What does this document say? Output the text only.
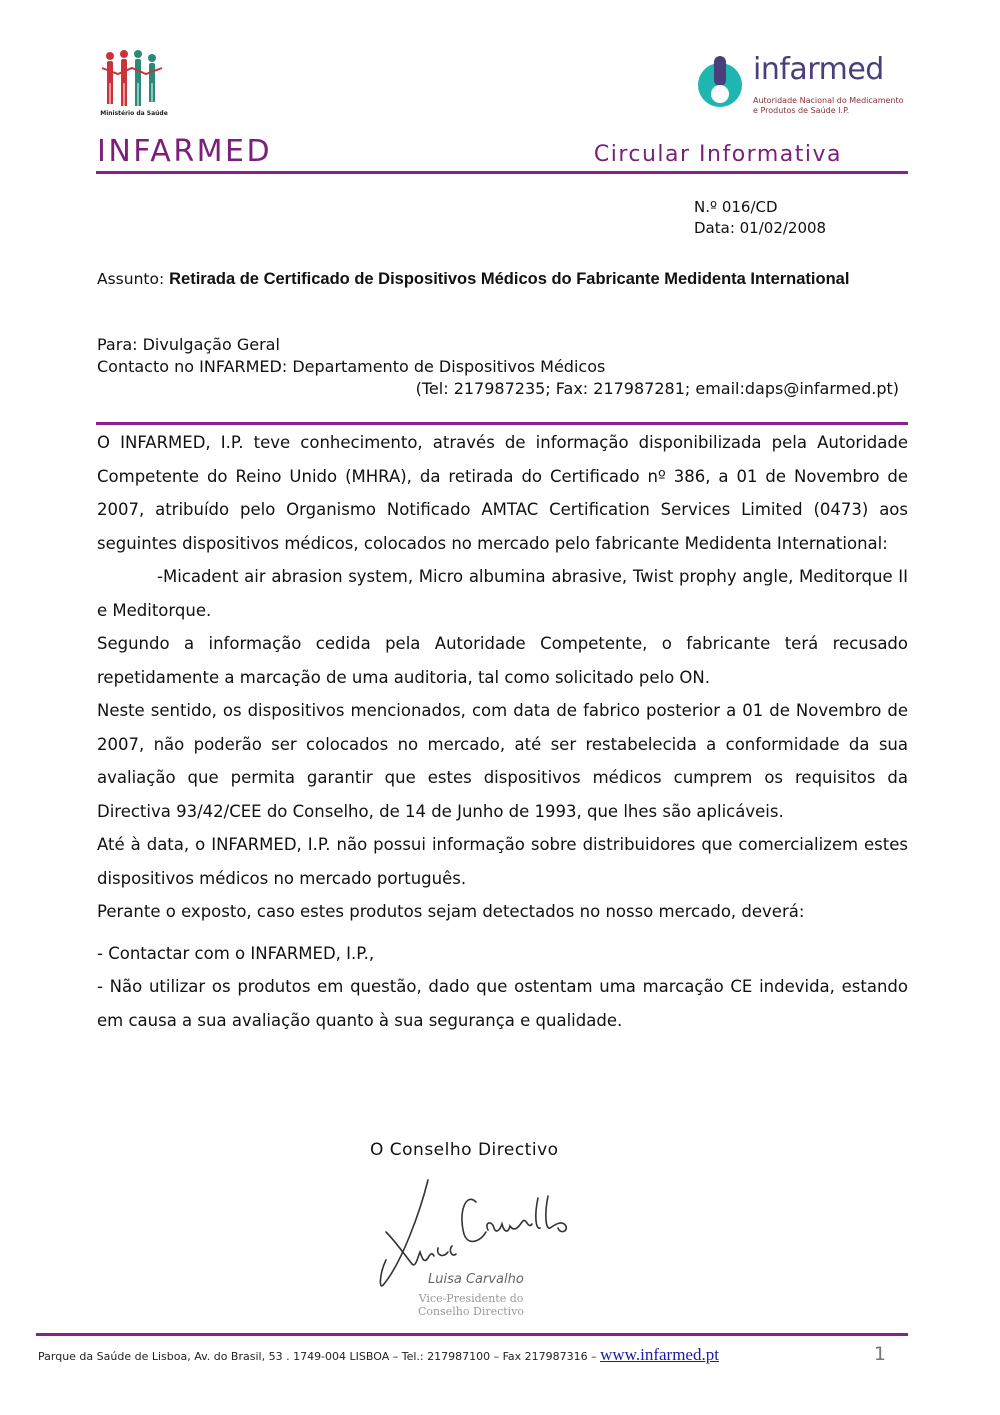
Ministério da Saúde
infarmed
Autoridade Nacional do Medicamento
e Produtos de Saúde I.P.
INFARMED	Circular Informativa
N.º 016/CD
Data: 01/02/2008
Assunto: Retirada de Certificado de Dispositivos Médicos do Fabricante Medidenta International
Para: Divulgação Geral
Contacto no INFARMED: Departamento de Dispositivos Médicos
(Tel: 217987235; Fax: 217987281; email:daps@infarmed.pt)

O INFARMED, I.P. teve conhecimento, através de informação disponibilizada pela Autoridade Competente do Reino Unido (MHRA), da retirada do Certificado nº 386, a 01 de Novembro de 2007, atribuído pelo Organismo Notificado AMTAC Certification Services Limited (0473) aos seguintes dispositivos médicos, colocados no mercado pelo fabricante Medidenta International:

-Micadent air abrasion system, Micro albumina abrasive, Twist prophy angle, Meditorque II e Meditorque.

Segundo a informação cedida pela Autoridade Competente, o fabricante terá recusado repetidamente a marcação de uma auditoria, tal como solicitado pelo ON.

Neste sentido, os dispositivos mencionados, com data de fabrico posterior a 01 de Novembro de 2007, não poderão ser colocados no mercado, até ser restabelecida a conformidade da sua avaliação que permita garantir que estes dispositivos médicos cumprem os requisitos da Directiva 93/42/CEE do Conselho, de 14 de Junho de 1993, que lhes são aplicáveis.

Até à data, o INFARMED, I.P. não possui informação sobre distribuidores que comercializem estes dispositivos médicos no mercado português.

Perante o exposto, caso estes produtos sejam detectados no nosso mercado, deverá:

- Contactar com o INFARMED, I.P.,

- Não utilizar os produtos em questão, dado que ostentam uma marcação CE indevida, estando em causa a sua avaliação quanto à sua segurança e qualidade.

O Conselho Directivo
Luisa Carvalho
Vice-Presidente do
Conselho Directivo
Parque da Saúde de Lisboa, Av. do Brasil, 53 . 1749-004 LISBOA – Tel.: 217987100 – Fax 217987316 – www.infarmed.pt	1
